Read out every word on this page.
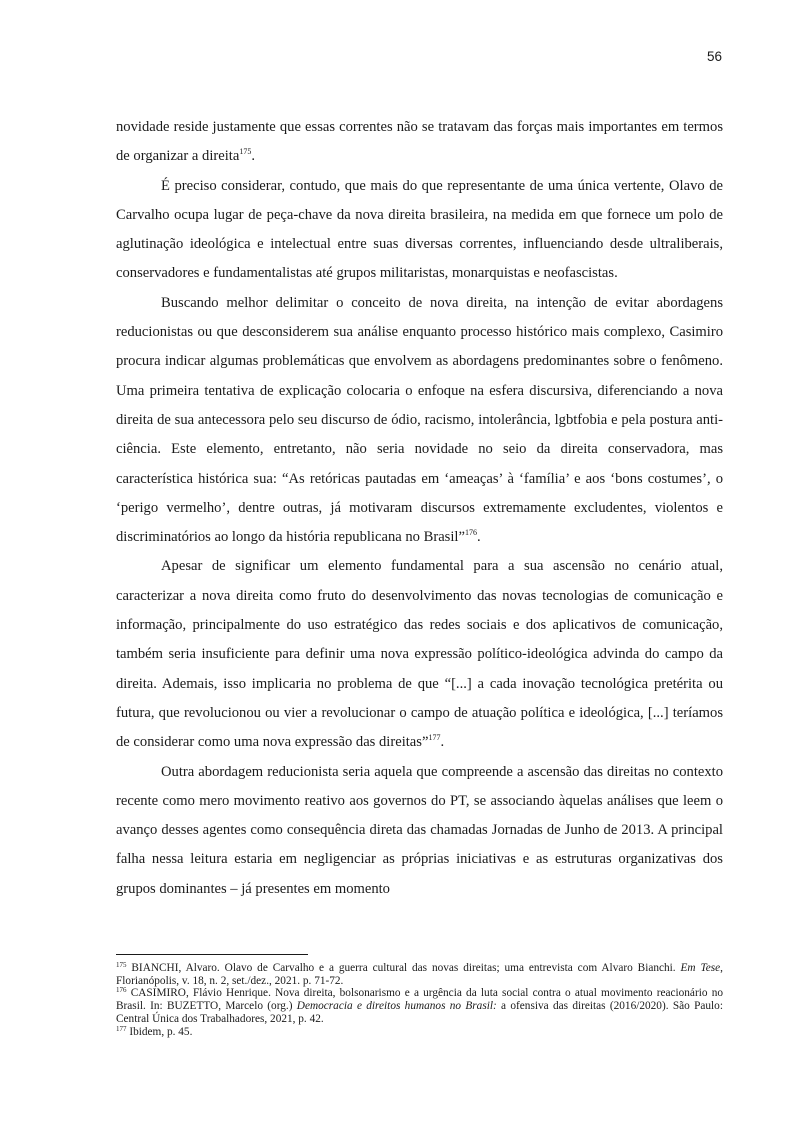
56

novidade reside justamente que essas correntes não se tratavam das forças mais importantes em termos de organizar a direita$^{175}$.

É preciso considerar, contudo, que mais do que representante de uma única vertente, Olavo de Carvalho ocupa lugar de peça-chave da nova direita brasileira, na medida em que fornece um polo de aglutinação ideológica e intelectual entre suas diversas correntes, influenciando desde ultraliberais, conservadores e fundamentalistas até grupos militaristas, monarquistas e neofascistas.

Buscando melhor delimitar o conceito de nova direita, na intenção de evitar abordagens reducionistas ou que desconsiderem sua análise enquanto processo histórico mais complexo, Casimiro procura indicar algumas problemáticas que envolvem as abordagens predominantes sobre o fenômeno. Uma primeira tentativa de explicação colocaria o enfoque na esfera discursiva, diferenciando a nova direita de sua antecessora pelo seu discurso de ódio, racismo, intolerância, lgbtfobia e pela postura anti-ciência. Este elemento, entretanto, não seria novidade no seio da direita conservadora, mas característica histórica sua: “As retóricas pautadas em ‘ameaças’ à ‘família’ e aos ‘bons costumes’, o ‘perigo vermelho’, dentre outras, já motivaram discursos extremamente excludentes, violentos e discriminatórios ao longo da história republicana no Brasil”$^{176}$.

Apesar de significar um elemento fundamental para a sua ascensão no cenário atual, caracterizar a nova direita como fruto do desenvolvimento das novas tecnologias de comunicação e informação, principalmente do uso estratégico das redes sociais e dos aplicativos de comunicação, também seria insuficiente para definir uma nova expressão político-ideológica advinda do campo da direita. Ademais, isso implicaria no problema de que “[...] a cada inovação tecnológica pretérita ou futura, que revolucionou ou vier a revolucionar o campo de atuação política e ideológica, [...] teríamos de considerar como uma nova expressão das direitas”$^{177}$.

Outra abordagem reducionista seria aquela que compreende a ascensão das direitas no contexto recente como mero movimento reativo aos governos do PT, se associando àquelas análises que leem o avanço desses agentes como consequência direta das chamadas Jornadas de Junho de 2013. A principal falha nessa leitura estaria em negligenciar as próprias iniciativas e as estruturas organizativas dos grupos dominantes – já presentes em momento

$^{175}$ BIANCHI, Alvaro. Olavo de Carvalho e a guerra cultural das novas direitas; uma entrevista com Alvaro Bianchi. Em Tese, Florianópolis, v. 18, n. 2, set./dez., 2021. p. 71-72.

$^{176}$ CASIMIRO, Flávio Henrique. Nova direita, bolsonarismo e a urgência da luta social contra o atual movimento reacionário no Brasil. In: BUZETTO, Marcelo (org.) Democracia e direitos humanos no Brasil: a ofensiva das direitas (2016/2020). São Paulo: Central Única dos Trabalhadores, 2021, p. 42.

$^{177}$ Ibidem, p. 45.
